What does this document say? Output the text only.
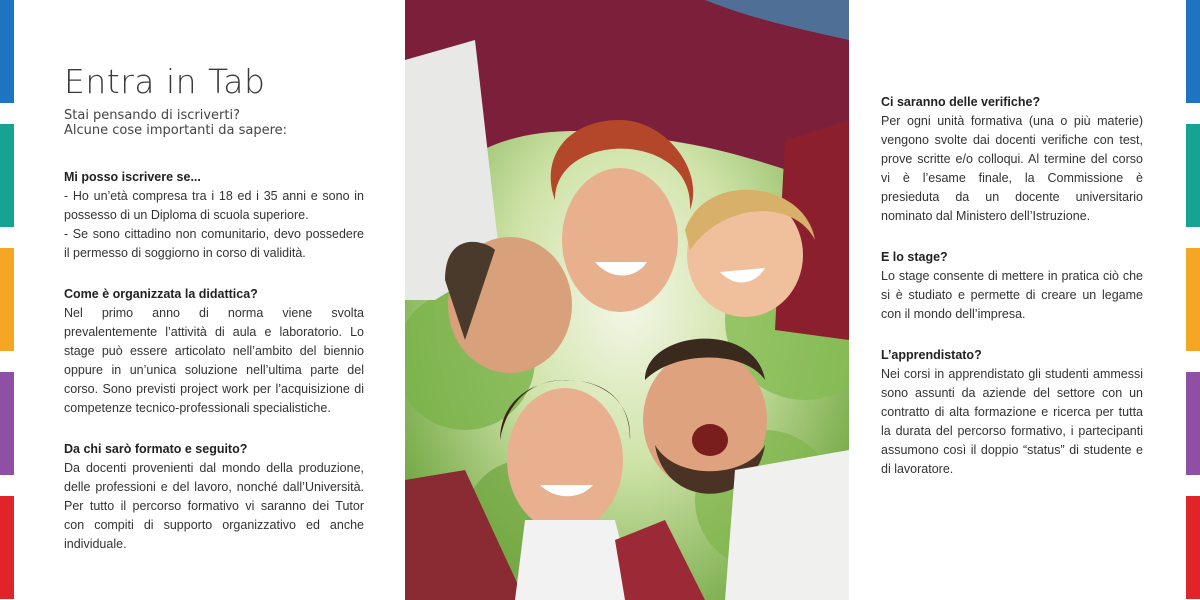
Entra in Tab
Stai pensando di iscriverti?
Alcune cose importanti da sapere:
Mi posso iscrivere se...
- Ho un’età compresa tra i 18 ed i 35 anni e sono in possesso di un Diploma di scuola superiore.
- Se sono cittadino non comunitario, devo possedere il permesso di soggiorno in corso di validità.
Come è organizzata la didattica?
Nel primo anno di norma viene svolta prevalentemente l’attività di aula e laboratorio. Lo stage può essere articolato nell’ambito del biennio oppure in un’unica soluzione nell’ultima parte del corso. Sono previsti project work per l’acquisizione di competenze tecnico-professionali specialistiche.
Da chi sarò formato e seguito?
Da docenti provenienti dal mondo della produzione, delle professioni e del lavoro, nonché dall’Università. Per tutto il percorso formativo vi saranno dei Tutor con compiti di supporto organizzativo ed anche individuale.
Ci saranno delle verifiche?
Per ogni unità formativa (una o più materie) vengono svolte dai docenti verifiche con test, prove scritte e/o colloqui. Al termine del corso vi è l’esame finale, la Commissione è presieduta da un docente universitario nominato dal Ministero dell’Istruzione.
E lo stage?
Lo stage consente di mettere in pratica ciò che si è studiato e permette di creare un legame con il mondo dell’impresa.
L’apprendistato?
Nei corsi in apprendistato gli studenti ammessi sono assunti da aziende del settore con un contratto di alta formazione e ricerca per tutta la durata del percorso formativo, i partecipanti assumono così il doppio “status” di studente e di lavoratore.
